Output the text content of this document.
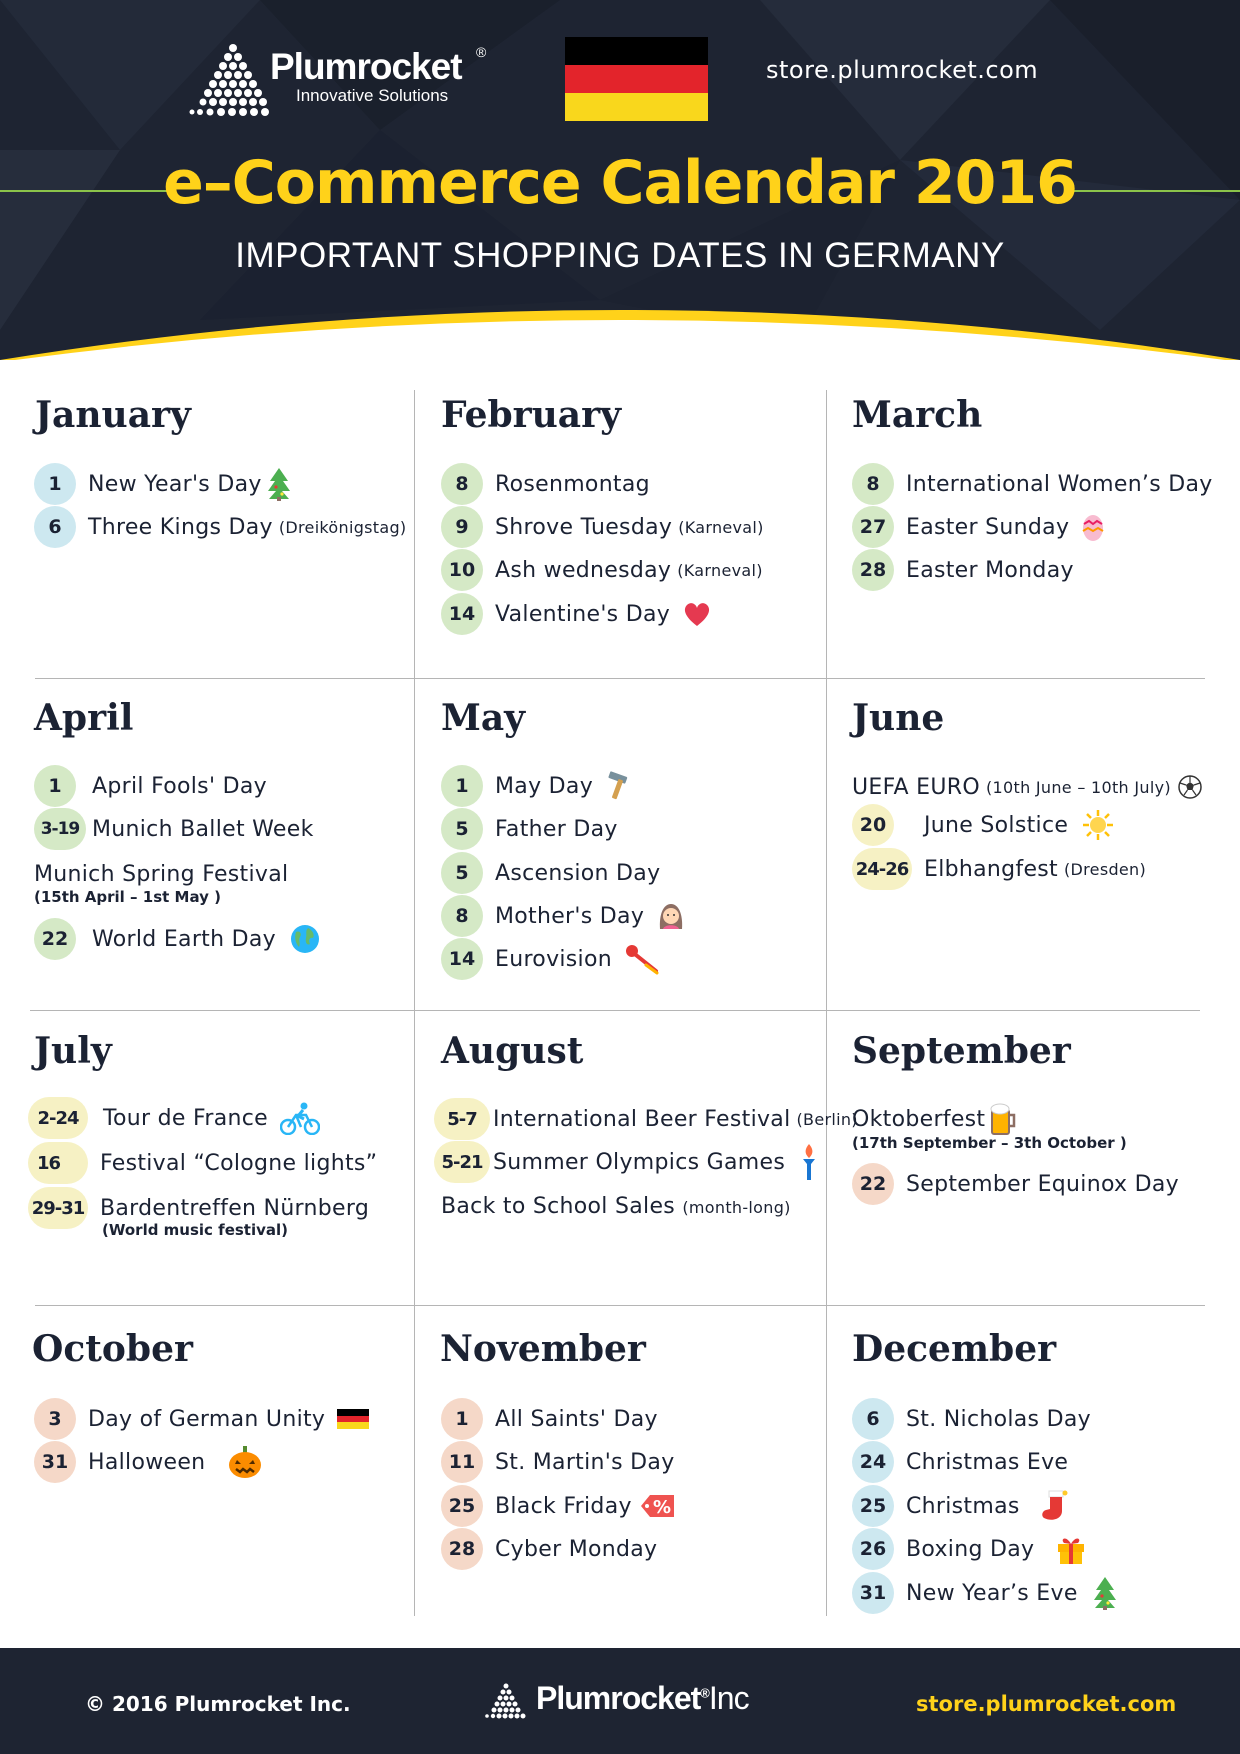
Plumrocket ®
Innovative Solutions
store.plumrocket.com
e–Commerce Calendar 2016
IMPORTANT SHOPPING DATES IN GERMANY
January
1	New Year's Day
6	Three Kings Day (Dreikönigstag)
February
8	Rosenmontag
9	Shrove Tuesday (Karneval)
10 Ash wednesday (Karneval)
14 Valentine's Day
March
8	International Women’s Day
27 Easter Sunday
28 Easter Monday
April
1	April Fools' Day
3-19 Munich Ballet Week
Munich Spring Festival
(15th April – 1st May )
22	World Earth Day
May
1	May Day
5	Father Day
5	Ascension Day
8	Mother's Day
14 Eurovision
June
UEFA EURO (10th June – 10th July)
20	June Solstice
24-26 Elbhangfest (Dresden)
July
2-24	Tour de France
16	Festival “Cologne lights”
29-31 Bardentreffen Nürnberg
(World music festival)
August
5-7 International Beer Festival (Berlin)
5-21 Summer Olympics Games
Back to School Sales (month-long)
September
Oktoberfest
(17th September – 3th October )
22 September Equinox Day
October
3	Day of German Unity
31 Halloween
November
1	All Saints' Day
11 St. Martin's Day
25 Black Friday %
28 Cyber Monday
December
6	St. Nicholas Day
24 Christmas Eve
25 Christmas
26 Boxing Day
31 New Year’s Eve
© 2016 Plumrocket Inc.	Plumrocket®Inc	store.plumrocket.com
